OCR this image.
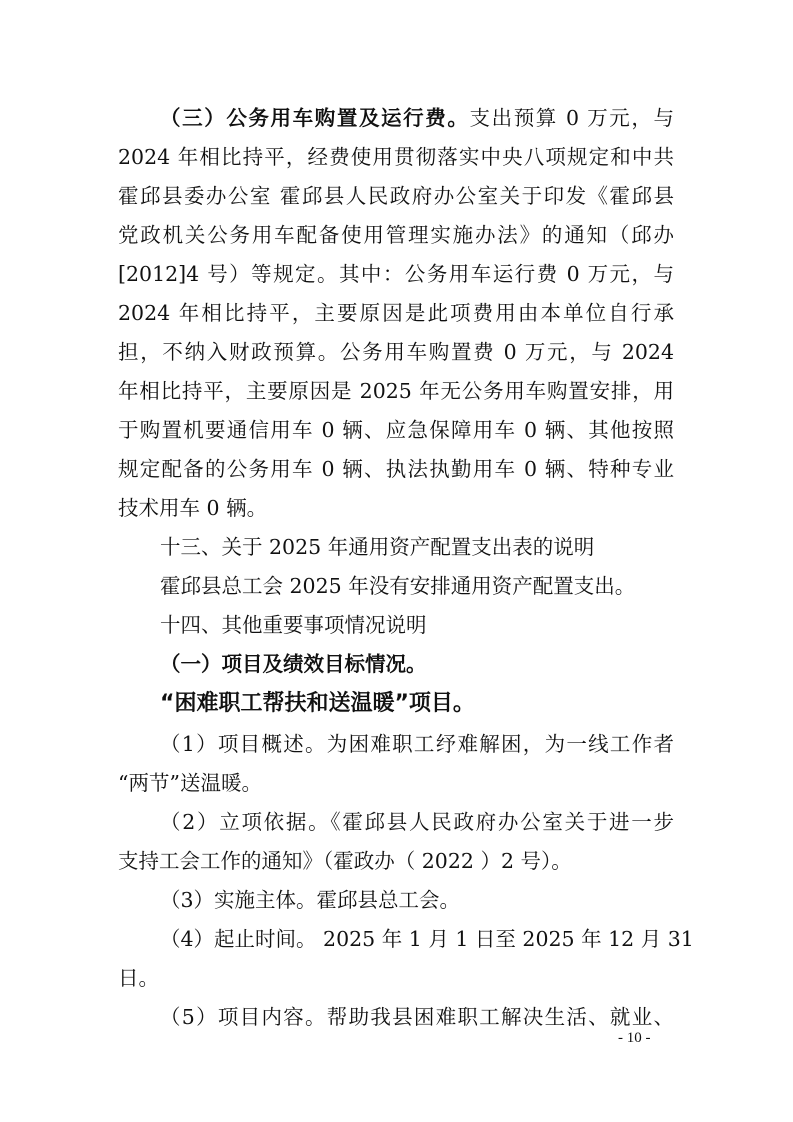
（三）公务用车购置及运行费。支出预算 0 万元，与
2024 年相比持平，经费使用贯彻落实中央八项规定和中共
霍邱县委办公室 霍邱县人民政府办公室关于印发《霍邱县
党政机关公务用车配备使用管理实施办法》的通知（邱办
[2012]4 号）等规定。其中：公务用车运行费 0 万元，与
2024 年相比持平，主要原因是此项费用由本单位自行承
担，不纳入财政预算。公务用车购置费 0 万元，与 2024
年相比持平，主要原因是 2025 年无公务用车购置安排，用
于购置机要通信用车 0 辆、应急保障用车 0 辆、其他按照
规定配备的公务用车 0 辆、执法执勤用车 0 辆、特种专业
技术用车 0 辆。
十三、关于 2025 年通用资产配置支出表的说明
霍邱县总工会 2025 年没有安排通用资产配置支出。
十四、其他重要事项情况说明
（一）项目及绩效目标情况。
“困难职工帮扶和送温暖”项目。
（1）项目概述。为困难职工纾难解困，为一线工作者
“两节”送温暖。
（2）立项依据。《霍邱县人民政府办公室关于进一步
支持工会工作的通知》（霍政办（ 2022 ）2 号）。
（3）实施主体。霍邱县总工会。
（4）起止时间。 2025 年 1 月 1 日至 2025 年 12 月 31
日。
（5）项目内容。帮助我县困难职工解决生活、就业、
- 10 -
